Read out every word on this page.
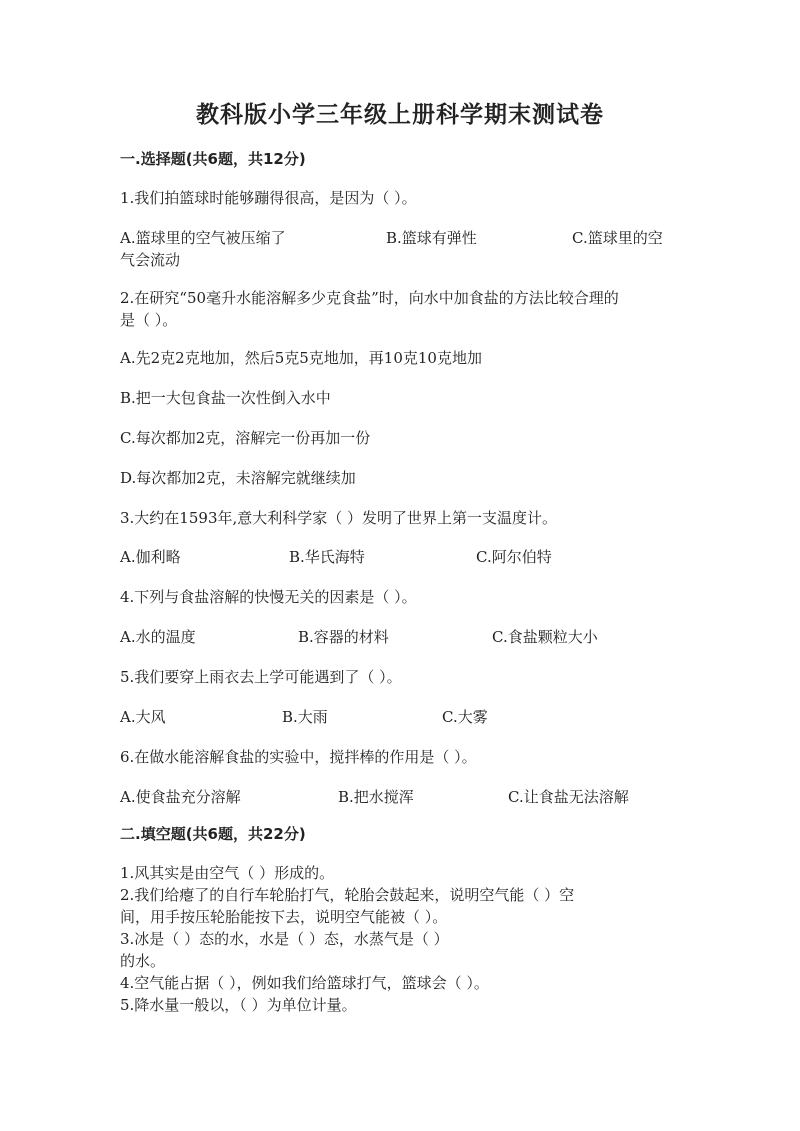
教科版小学三年级上册科学期末测试卷
一.选择题(共6题，共12分)
1.我们拍篮球时能够蹦得很高，是因为（ ）。
A.篮球里的空气被压缩了	B.篮球有弹性	C.篮球里的空
气会流动
2.在研究“50毫升水能溶解多少克食盐”时，向水中加食盐的方法比较合理的
是（ ）。
A.先2克2克地加，然后5克5克地加，再10克10克地加
B.把一大包食盐一次性倒入水中
C.每次都加2克，溶解完一份再加一份
D.每次都加2克，未溶解完就继续加
3.大约在1593年,意大利科学家（ ）发明了世界上第一支温度计。
A.伽利略	B.华氏海特	C.阿尔伯特
4.下列与食盐溶解的快慢无关的因素是（ ）。
A.水的温度	B.容器的材料	C.食盐颗粒大小
5.我们要穿上雨衣去上学可能遇到了（ ）。
A.大风	B.大雨	C.大雾
6.在做水能溶解食盐的实验中，搅拌棒的作用是（ ）。
A.使食盐充分溶解	B.把水搅浑	C.让食盐无法溶解
二.填空题(共6题，共22分)
1.风其实是由空气（ ）形成的。
2.我们给瘪了的自行车轮胎打气，轮胎会鼓起来，说明空气能（ ）空
间，用手按压轮胎能按下去，说明空气能被（ ）。
3.冰是（ ）态的水，水是（ ）态，水蒸气是（ ）
的水。
4.空气能占据（ ），例如我们给篮球打气，篮球会（ ）。
5.降水量一般以，（ ）为单位计量。
